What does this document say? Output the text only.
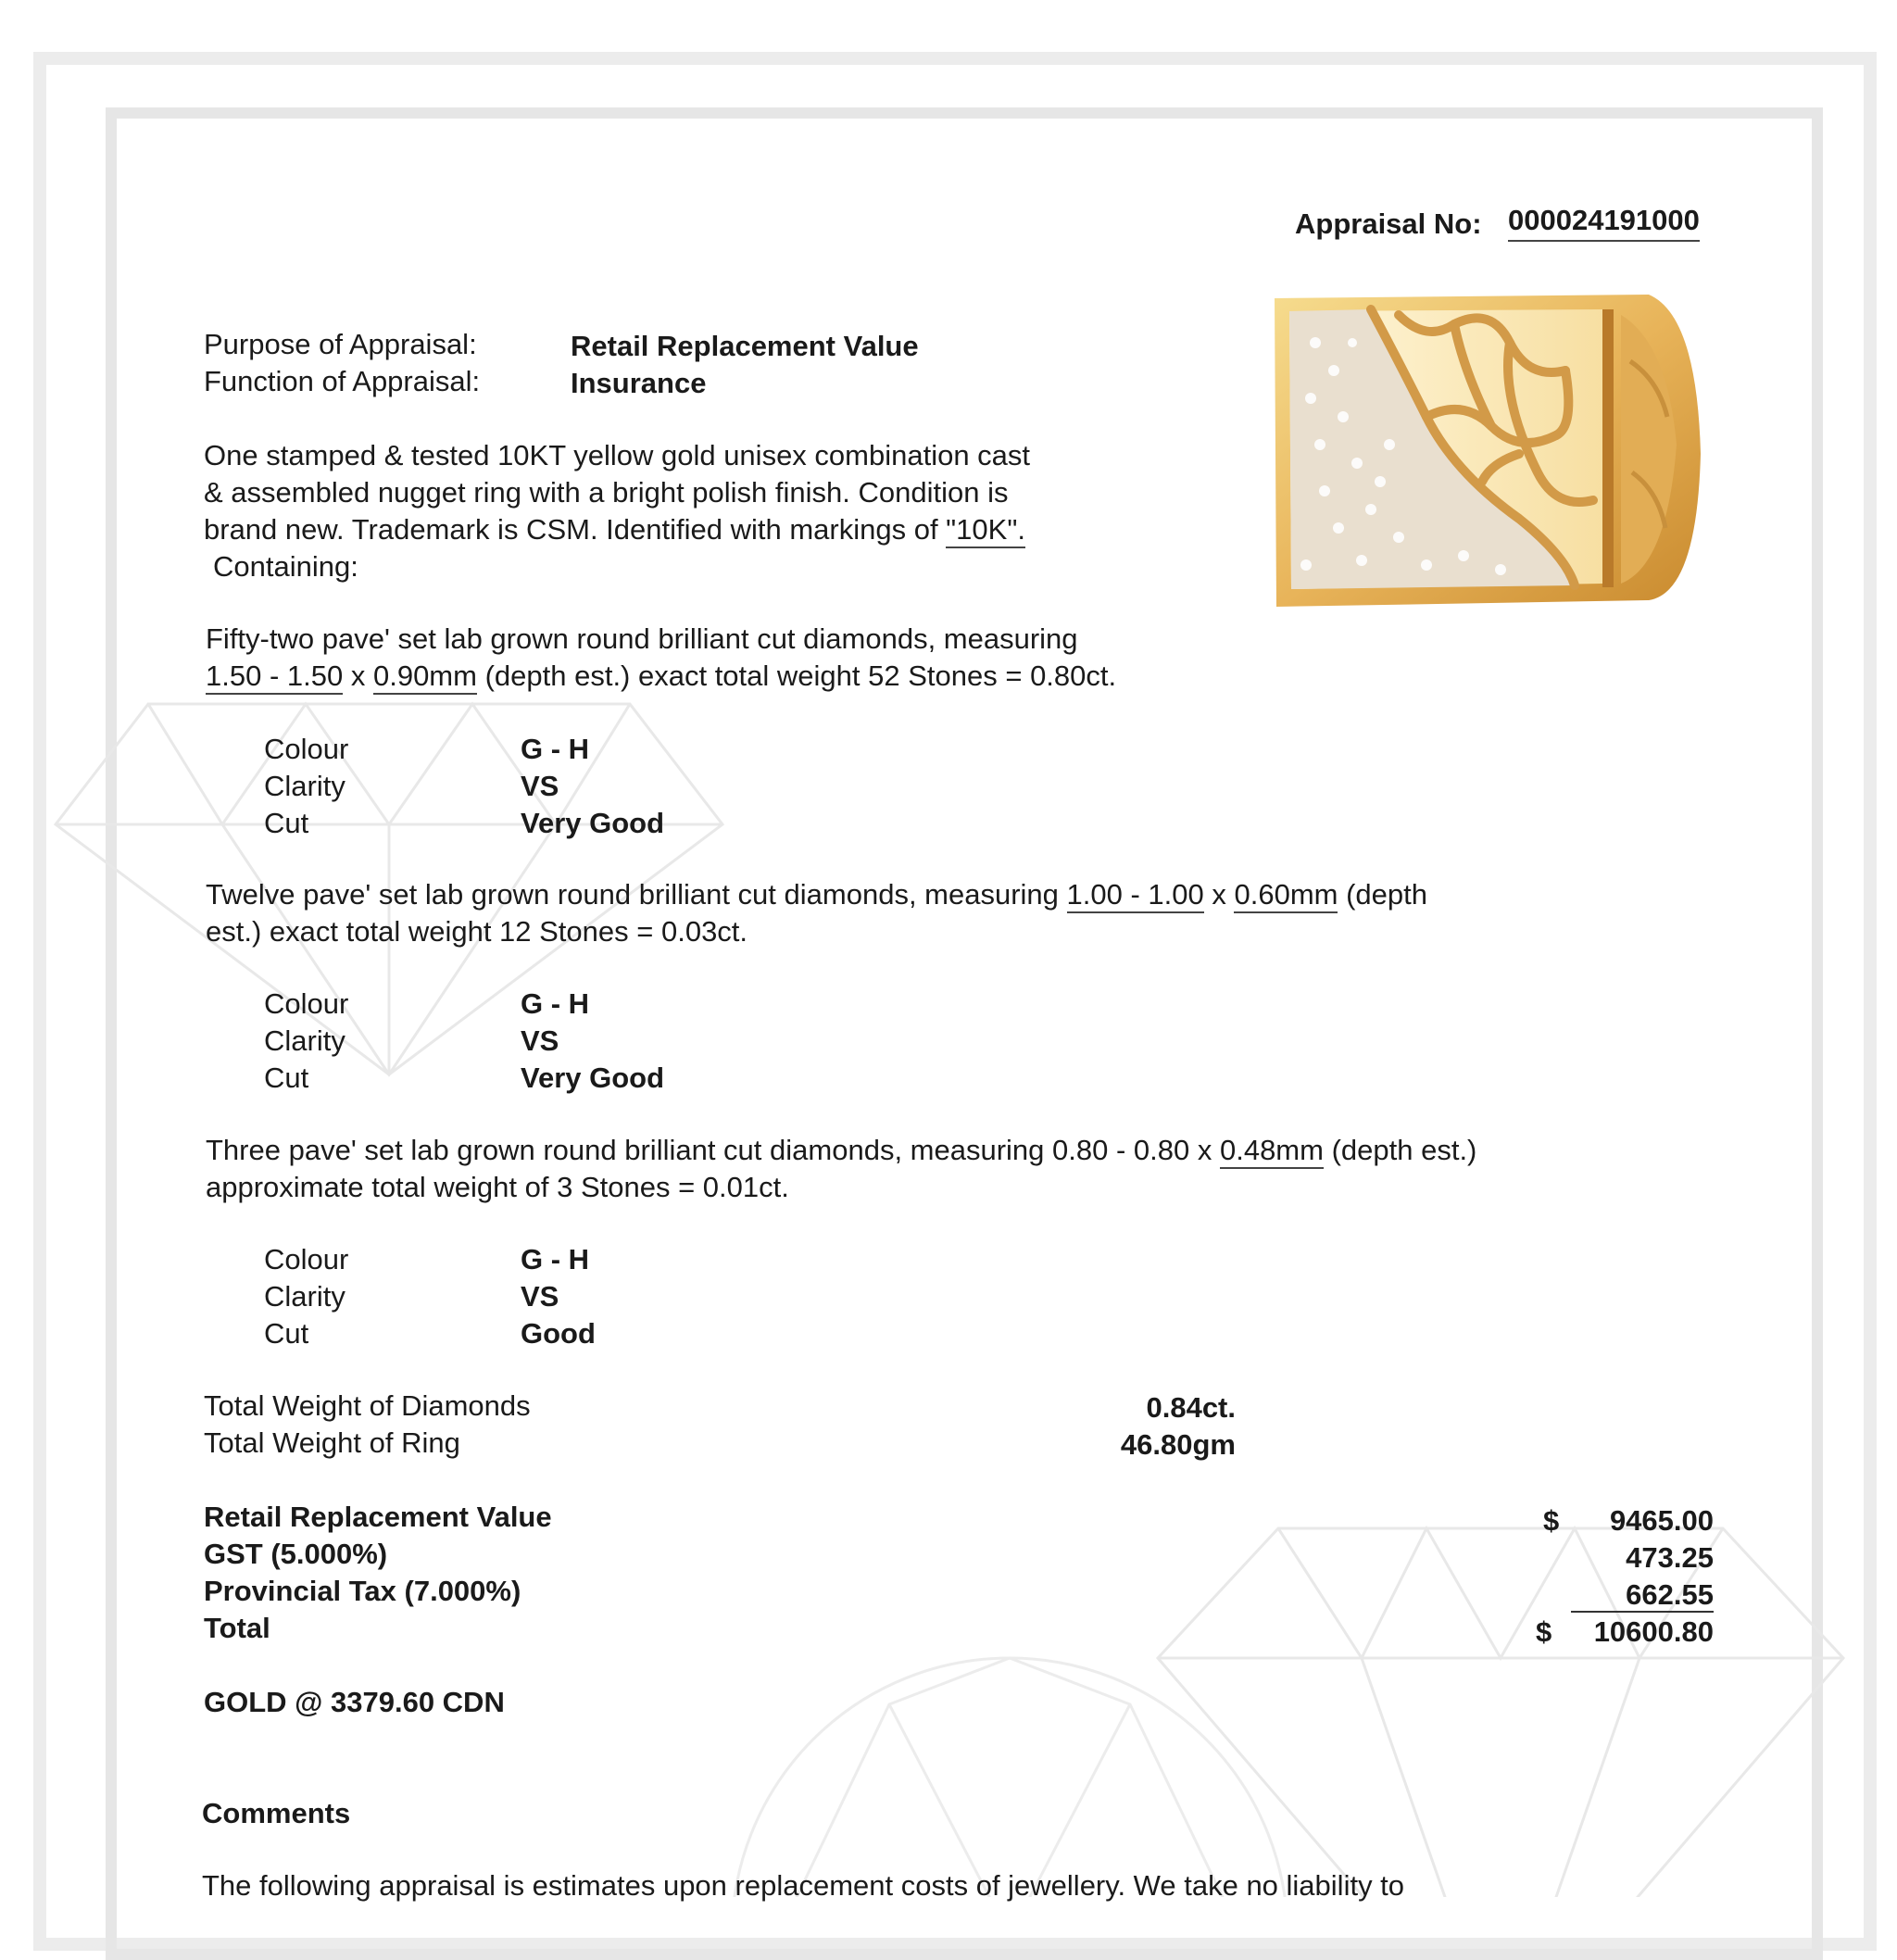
Appraisal No: 000024191000
Purpose of Appraisal:	Retail Replacement Value
Function of Appraisal:	Insurance
One stamped & tested 10KT yellow gold unisex combination cast
& assembled nugget ring with a bright polish finish. Condition is
brand new. Trademark is CSM. Identified with markings of "10K".
Containing:
Fifty-two pave' set lab grown round brilliant cut diamonds, measuring
1.50 - 1.50 x 0.90mm (depth est.) exact total weight 52 Stones = 0.80ct.
Colour	G - H
Clarity	VS
Cut	Very Good
Twelve pave' set lab grown round brilliant cut diamonds, measuring 1.00 - 1.00 x 0.60mm (depth
est.) exact total weight 12 Stones = 0.03ct.
Colour	G - H
Clarity	VS
Cut	Very Good
Three pave' set lab grown round brilliant cut diamonds, measuring 0.80 - 0.80 x 0.48mm (depth est.)
approximate total weight of 3 Stones = 0.01ct.
Colour	G - H
Clarity	VS
Cut	Good
Total Weight of Diamonds	0.84ct.
Total Weight of Ring	46.80gm
Retail Replacement Value	$	9465.00
GST (5.000%)	473.25
Provincial Tax (7.000%)	662.55
Total	$	10600.80
GOLD @ 3379.60 CDN
Comments
The following appraisal is estimates upon replacement costs of jewellery. We take no liability to
